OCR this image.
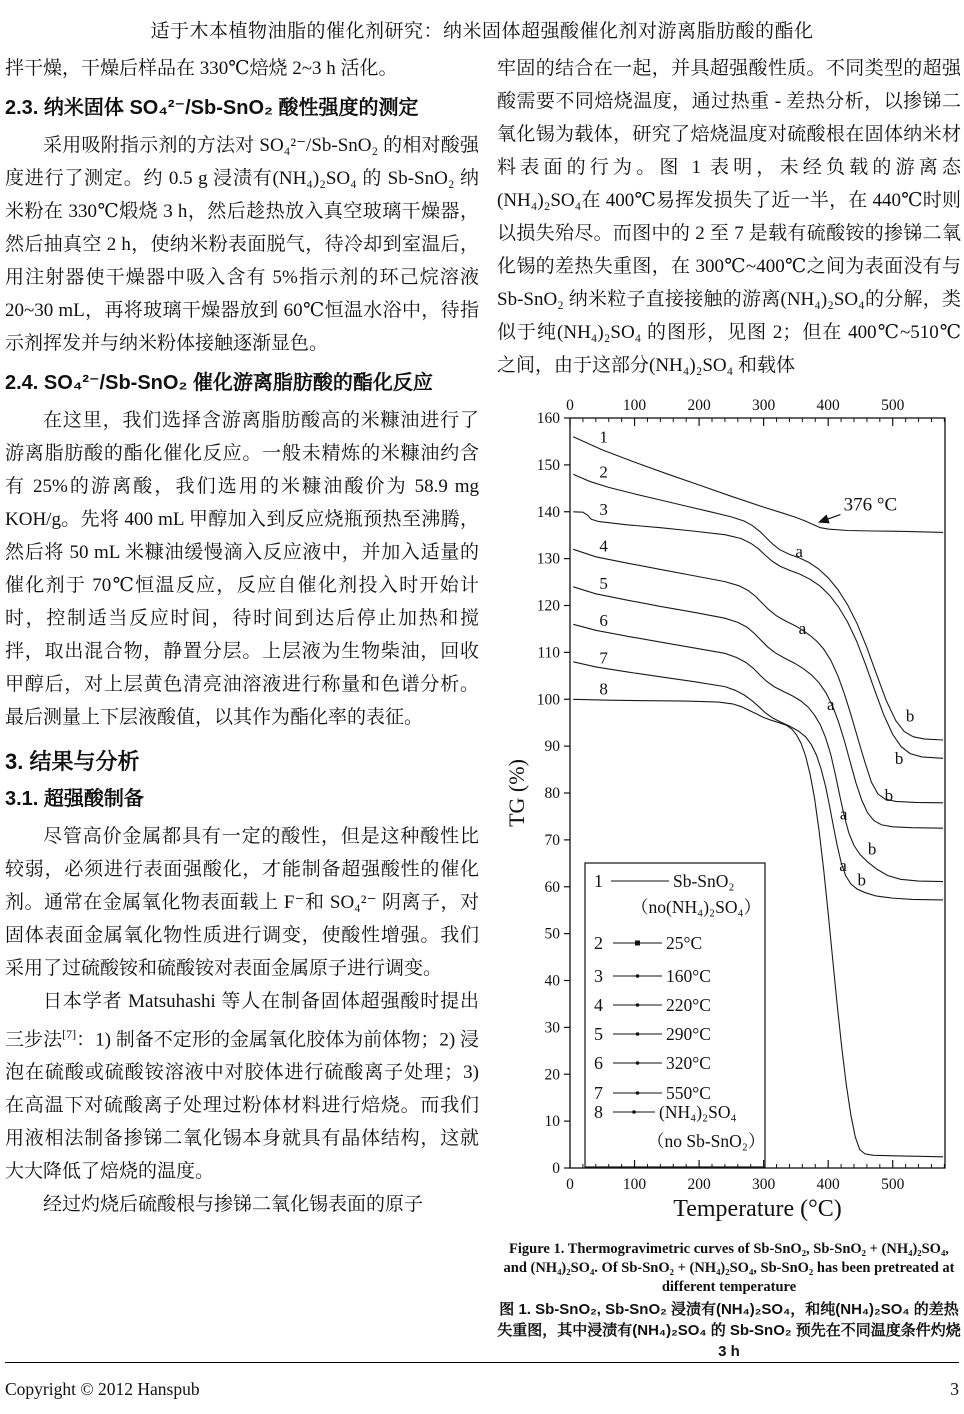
适于木本植物油脂的催化剂研究：纳米固体超强酸催化剂对游离脂肪酸的酯化

拌干燥，干燥后样品在 330℃焙烧 2~3 h 活化。

2.3. 纳米固体 SO₄²⁻/Sb-SnO₂ 酸性强度的测定

采用吸附指示剂的方法对 SO₄²⁻/Sb-SnO₂ 的相对酸强度进行了测定。约 0.5 g 浸渍有(NH₄)₂SO₄ 的 Sb-SnO₂ 纳米粉在 330℃煅烧 3 h，然后趁热放入真空玻璃干燥器，然后抽真空 2 h，使纳米粉表面脱气，待冷却到室温后，用注射器使干燥器中吸入含有 5%指示剂的环己烷溶液 20~30 mL，再将玻璃干燥器放到 60℃恒温水浴中，待指示剂挥发并与纳米粉体接触逐渐显色。

2.4. SO₄²⁻/Sb-SnO₂ 催化游离脂肪酸的酯化反应

在这里，我们选择含游离脂肪酸高的米糠油进行了游离脂肪酸的酯化催化反应。一般未精炼的米糠油约含有 25%的游离酸，我们选用的米糠油酸价为 58.9 mg KOH/g。先将 400 mL 甲醇加入到反应烧瓶预热至沸腾，然后将 50 mL 米糠油缓慢滴入反应液中，并加入适量的催化剂于 70℃恒温反应，反应自催化剂投入时开始计时，控制适当反应时间，待时间到达后停止加热和搅拌，取出混合物，静置分层。上层液为生物柴油，回收甲醇后，对上层黄色清亮油溶液进行称量和色谱分析。最后测量上下层液酸值，以其作为酯化率的表征。

3. 结果与分析
3.1. 超强酸制备

尽管高价金属都具有一定的酸性，但是这种酸性比较弱，必须进行表面强酸化，才能制备超强酸性的催化剂。通常在金属氧化物表面载上 F⁻和 SO₄²⁻ 阴离子，对固体表面金属氧化物性质进行调变，使酸性增强。我们采用了过硫酸铵和硫酸铵对表面金属原子进行调变。

日本学者 Matsuhashi 等人在制备固体超强酸时提出三步法[7]：1) 制备不定形的金属氧化胶体为前体物；2) 浸泡在硫酸或硫酸铵溶液中对胶体进行硫酸离子处理；3) 在高温下对硫酸离子处理过粉体材料进行焙烧。而我们用液相法制备掺锑二氧化锡本身就具有晶体结构，这就大大降低了焙烧的温度。

经过灼烧后硫酸根与掺锑二氧化锡表面的原子

牢固的结合在一起，并具超强酸性质。不同类型的超强酸需要不同焙烧温度，通过热重 - 差热分析，以掺锑二氧化锡为载体，研究了焙烧温度对硫酸根在固体纳米材料表面的行为。图 1 表明，未经负载的游离态(NH₄)₂SO₄在 400℃易挥发损失了近一半，在 440℃时则以损失殆尽。而图中的 2 至 7 是载有硫酸铵的掺锑二氧化锡的差热失重图，在 300℃~400℃之间为表面没有与 Sb-SnO₂ 纳米粒子直接接触的游离(NH₄)₂SO₄的分解，类似于纯(NH₄)₂SO₄ 的图形，见图 2；但在 400℃~510℃之间，由于这部分(NH₄)₂SO₄ 和载体

0
0
100
100
200
200
300
300
400
400
500
500
0
10
20
30
40
50
60
70
80
90
100
110
120
130
140
150
160
Temperature (°C)
TG (%)
1
2
3
4
5
6
7
8
a
a
a
a
a
b
b
b
b
b
376 °C
1	Sb-SnO₂
2	25°C
3	160°C
4	220°C
5	290°C
6	320°C
7	550°C
8	(NH₄)₂SO₄
（no(NH₄)₂SO₄）
（no Sb-SnO₂）

Figure 1. Thermogravimetric curves of Sb-SnO₂, Sb-SnO₂ + (NH₄)₂SO₄, and (NH₄)₂SO₄. Of Sb-SnO₂ + (NH₄)₂SO₄, Sb-SnO₂ has been pretreated at different temperature

图 1. Sb-SnO₂, Sb-SnO₂ 浸渍有(NH₄)₂SO₄，和纯(NH₄)₂SO₄ 的差热失重图，其中浸渍有(NH₄)₂SO₄ 的 Sb-SnO₂ 预先在不同温度条件灼烧 3 h

Copyright © 2012 Hanspub	3
